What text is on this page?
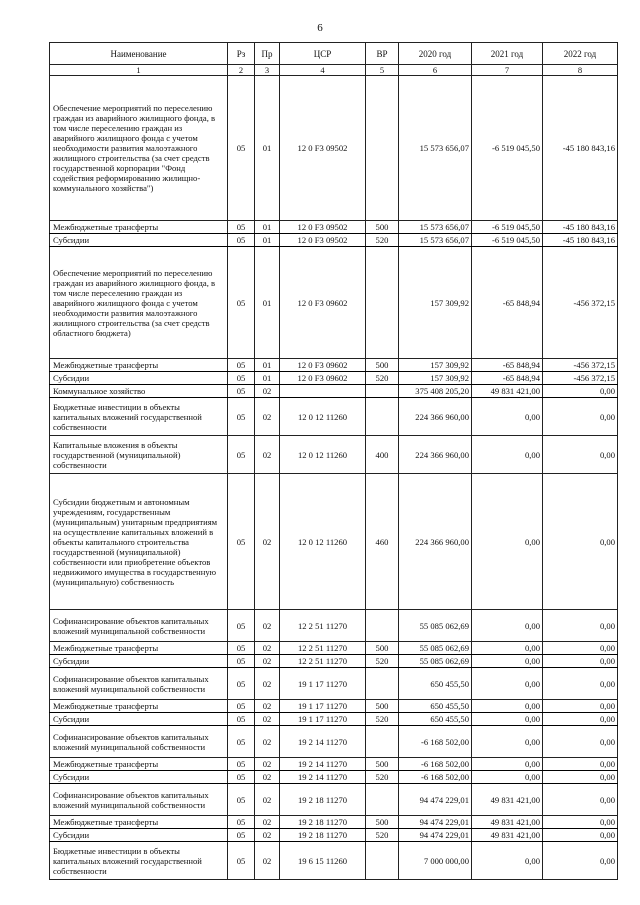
6
Наименование	Рз	Пр	ЦСР	ВР	2020 год	2021 год	2022 год
1	2	3	4	5	6	7	8
Обеспечение мероприятий по переселению граждан из аварийного жилищного фонда, в том числе переселению граждан из аварийного жилищного фонда с учетом необходимости развития малоэтажного жилищного строительства (за счет средств государственной корпорации "Фонд содействия реформированию жилищно-коммунального хозяйства")	05	01	12 0 F3 09502		15 573 656,07	-6 519 045,50	-45 180 843,16
Межбюджетные трансферты	05	01	12 0 F3 09502	500	15 573 656,07	-6 519 045,50	-45 180 843,16
Субсидии	05	01	12 0 F3 09502	520	15 573 656,07	-6 519 045,50	-45 180 843,16
Обеспечение мероприятий по переселению граждан из аварийного жилищного фонда, в том числе переселению граждан из аварийного жилищного фонда с учетом необходимости развития малоэтажного жилищного строительства (за счет средств областного бюджета)	05	01	12 0 F3 09602		157 309,92	-65 848,94	-456 372,15
Межбюджетные трансферты	05	01	12 0 F3 09602	500	157 309,92	-65 848,94	-456 372,15
Субсидии	05	01	12 0 F3 09602	520	157 309,92	-65 848,94	-456 372,15
Коммунальное хозяйство	05	02			375 408 205,20	49 831 421,00	0,00
Бюджетные инвестиции в объекты капитальных вложений государственной собственности	05	02	12 0 12 11260		224 366 960,00	0,00	0,00
Капитальные вложения в объекты государственной (муниципальной) собственности	05	02	12 0 12 11260	400	224 366 960,00	0,00	0,00
Субсидии бюджетным и автономным учреждениям, государственным (муниципальным) унитарным предприятиям на осуществление капитальных вложений в объекты капитального строительства государственной (муниципальной) собственности или приобретение объектов недвижимого имущества в государственную (муниципальную) собственность	05	02	12 0 12 11260	460	224 366 960,00	0,00	0,00
Софинансирование объектов капитальных вложений муниципальной собственности	05	02	12 2 51 11270		55 085 062,69	0,00	0,00
Межбюджетные трансферты	05	02	12 2 51 11270	500	55 085 062,69	0,00	0,00
Субсидии	05	02	12 2 51 11270	520	55 085 062,69	0,00	0,00
Софинансирование объектов капитальных вложений муниципальной собственности	05	02	19 1 17 11270		650 455,50	0,00	0,00
Межбюджетные трансферты	05	02	19 1 17 11270	500	650 455,50	0,00	0,00
Субсидии	05	02	19 1 17 11270	520	650 455,50	0,00	0,00
Софинансирование объектов капитальных вложений муниципальной собственности	05	02	19 2 14 11270		-6 168 502,00	0,00	0,00
Межбюджетные трансферты	05	02	19 2 14 11270	500	-6 168 502,00	0,00	0,00
Субсидии	05	02	19 2 14 11270	520	-6 168 502,00	0,00	0,00
Софинансирование объектов капитальных вложений муниципальной собственности	05	02	19 2 18 11270		94 474 229,01	49 831 421,00	0,00
Межбюджетные трансферты	05	02	19 2 18 11270	500	94 474 229,01	49 831 421,00	0,00
Субсидии	05	02	19 2 18 11270	520	94 474 229,01	49 831 421,00	0,00
Бюджетные инвестиции в объекты капитальных вложений государственной собственности	05	02	19 6 15 11260		7 000 000,00	0,00	0,00
